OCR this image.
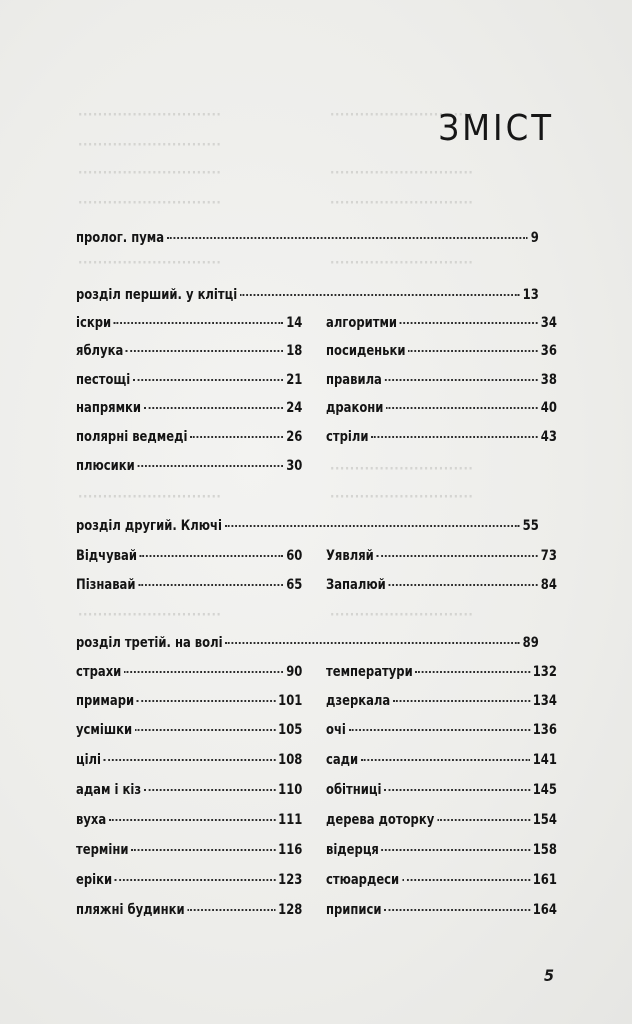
·····························
·····························
·····························
·····························
·····························
·····························
·····························
·····························
·····························
·····························
·····························
·····························
·····························	·····························
ЗМІСТ
пролог. пума	9
розділ перший. у клітці	13
іскри	14
яблука	18
пестощі	21
напрямки	24
полярні ведмеді	26
плюсики	30
алгоритми	34
посиденьки	36
правила	38
дракони	40
стріли	43
розділ другий. Ключі	55
Відчувай	60
Пізнавай	65
Уявляй	73
Запалюй	84
розділ третій. на волі	89
страхи	90
примари	101
усмішки	105
цілі	108
адам і кіз	110
вуха	111
терміни	116
еріки	123
пляжні будинки	128
температури	132
дзеркала	134
очі	136
сади	141
обітниці	145
дерева доторку	154
відерця	158
стюардеси	161
приписи	164
5
